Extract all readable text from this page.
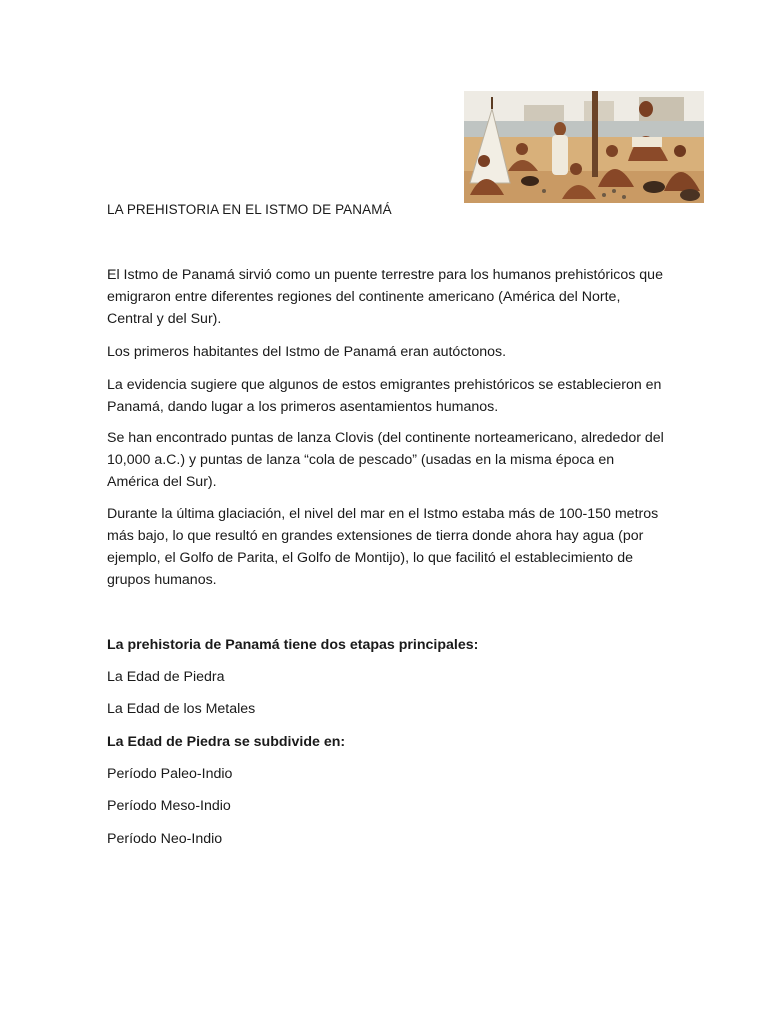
LA PREHISTORIA EN EL ISTMO DE PANAMÁ

El Istmo de Panamá sirvió como un puente terrestre para los humanos prehistóricos que emigraron entre diferentes regiones del continente americano (América del Norte, Central y del Sur).

Los primeros habitantes del Istmo de Panamá eran autóctonos.

La evidencia sugiere que algunos de estos emigrantes prehistóricos se establecieron en Panamá, dando lugar a los primeros asentamientos humanos.

Se han encontrado puntas de lanza Clovis (del continente norteamericano, alrededor del 10,000 a.C.) y puntas de lanza “cola de pescado” (usadas en la misma época en América del Sur).

Durante la última glaciación, el nivel del mar en el Istmo estaba más de 100-150 metros más bajo, lo que resultó en grandes extensiones de tierra donde ahora hay agua (por ejemplo, el Golfo de Parita, el Golfo de Montijo), lo que facilitó el establecimiento de grupos humanos.

La prehistoria de Panamá tiene dos etapas principales:

La Edad de Piedra

La Edad de los Metales

La Edad de Piedra se subdivide en:

Período Paleo-Indio

Período Meso-Indio

Período Neo-Indio
